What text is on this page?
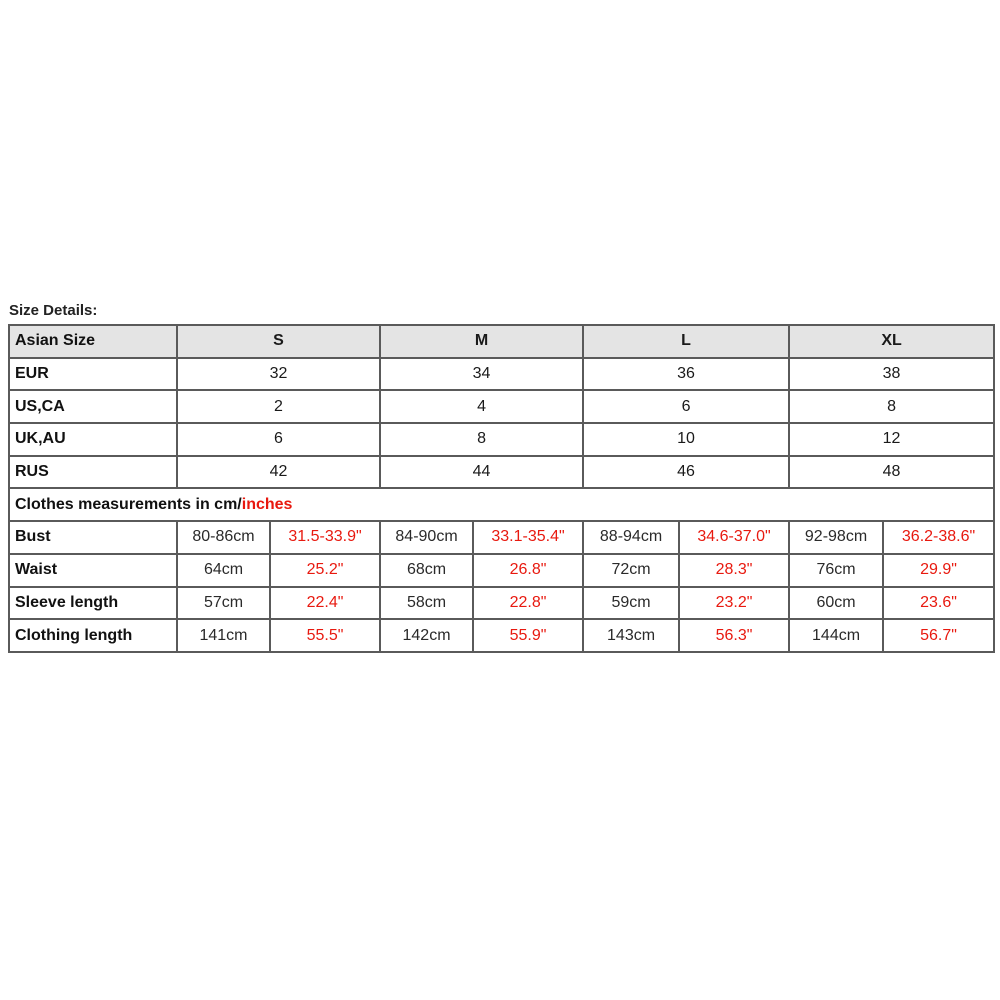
Size Details:
Asian Size	S		M		L		XL	
EUR	32		34		36		38	
US,CA	2		4		6		8	
UK,AU	6		8		10		12	
RUS	42		44		46		48	
Clothes measurements in cm/inches								
Bust	80-86cm	31.5-33.9"	84-90cm	33.1-35.4"	88-94cm	34.6-37.0"	92-98cm	36.2-38.6"
Waist	64cm	25.2"	68cm	26.8"	72cm	28.3"	76cm	29.9"
Sleeve length	57cm	22.4"	58cm	22.8"	59cm	23.2"	60cm	23.6"
Clothing length	141cm	55.5"	142cm	55.9"	143cm	56.3"	144cm	56.7"
